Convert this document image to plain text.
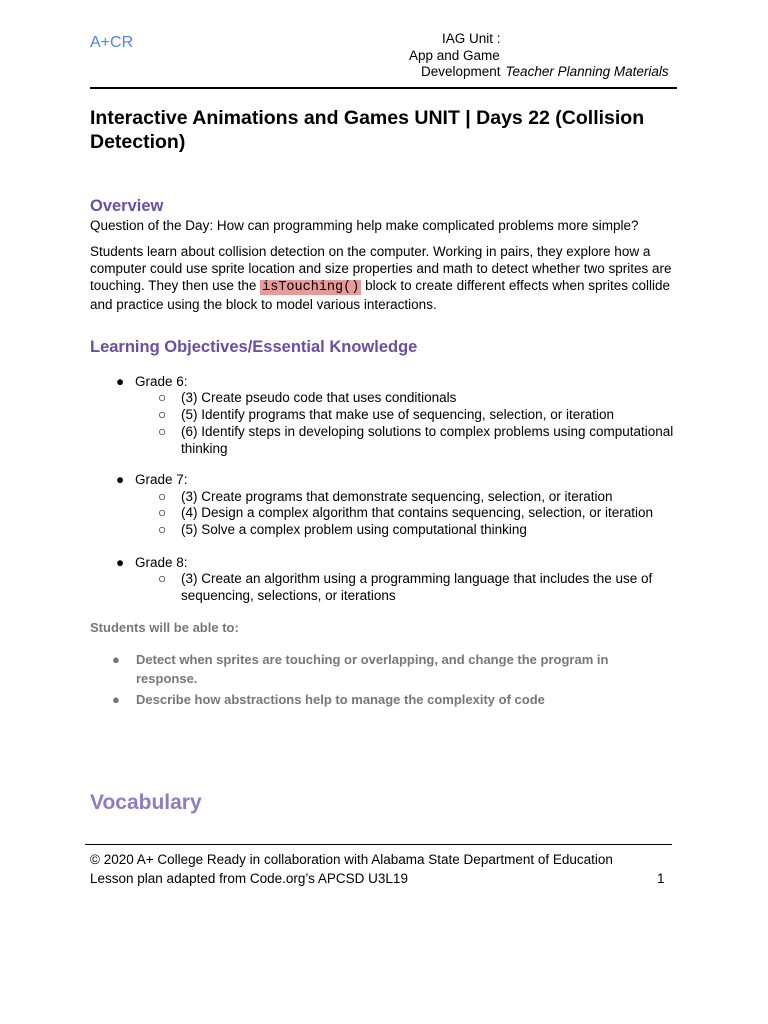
A+CR	IAG Unit :
App and Game
Development Teacher Planning Materials
Interactive Animations and Games UNIT | Days 22 (Collision Detection)
Overview
Question of the Day: How can programming help make complicated problems more simple?
Students learn about collision detection on the computer. Working in pairs, they explore how a computer could use sprite location and size properties and math to detect whether two sprites are touching. They then use the isTouching() block to create different effects when sprites collide and practice using the block to model various interactions.
Learning Objectives/Essential Knowledge
● Grade 6:
○	(3) Create pseudo code that uses conditionals
○	(5) Identify programs that make use of sequencing, selection, or iteration
○	(6) Identify steps in developing solutions to complex problems using computational thinking
● Grade 7:
○	(3) Create programs that demonstrate sequencing, selection, or iteration
○	(4) Design a complex algorithm that contains sequencing, selection, or iteration
○	(5) Solve a complex problem using computational thinking
● Grade 8:
○	(3) Create an algorithm using a programming language that includes the use of sequencing, selections, or iterations
Students will be able to:
●	Detect when sprites are touching or overlapping, and change the program in response.
●	Describe how abstractions help to manage the complexity of code
Vocabulary
© 2020 A+ College Ready in collaboration with Alabama State Department of Education
Lesson plan adapted from Code.org’s APCSD U3L19	1
